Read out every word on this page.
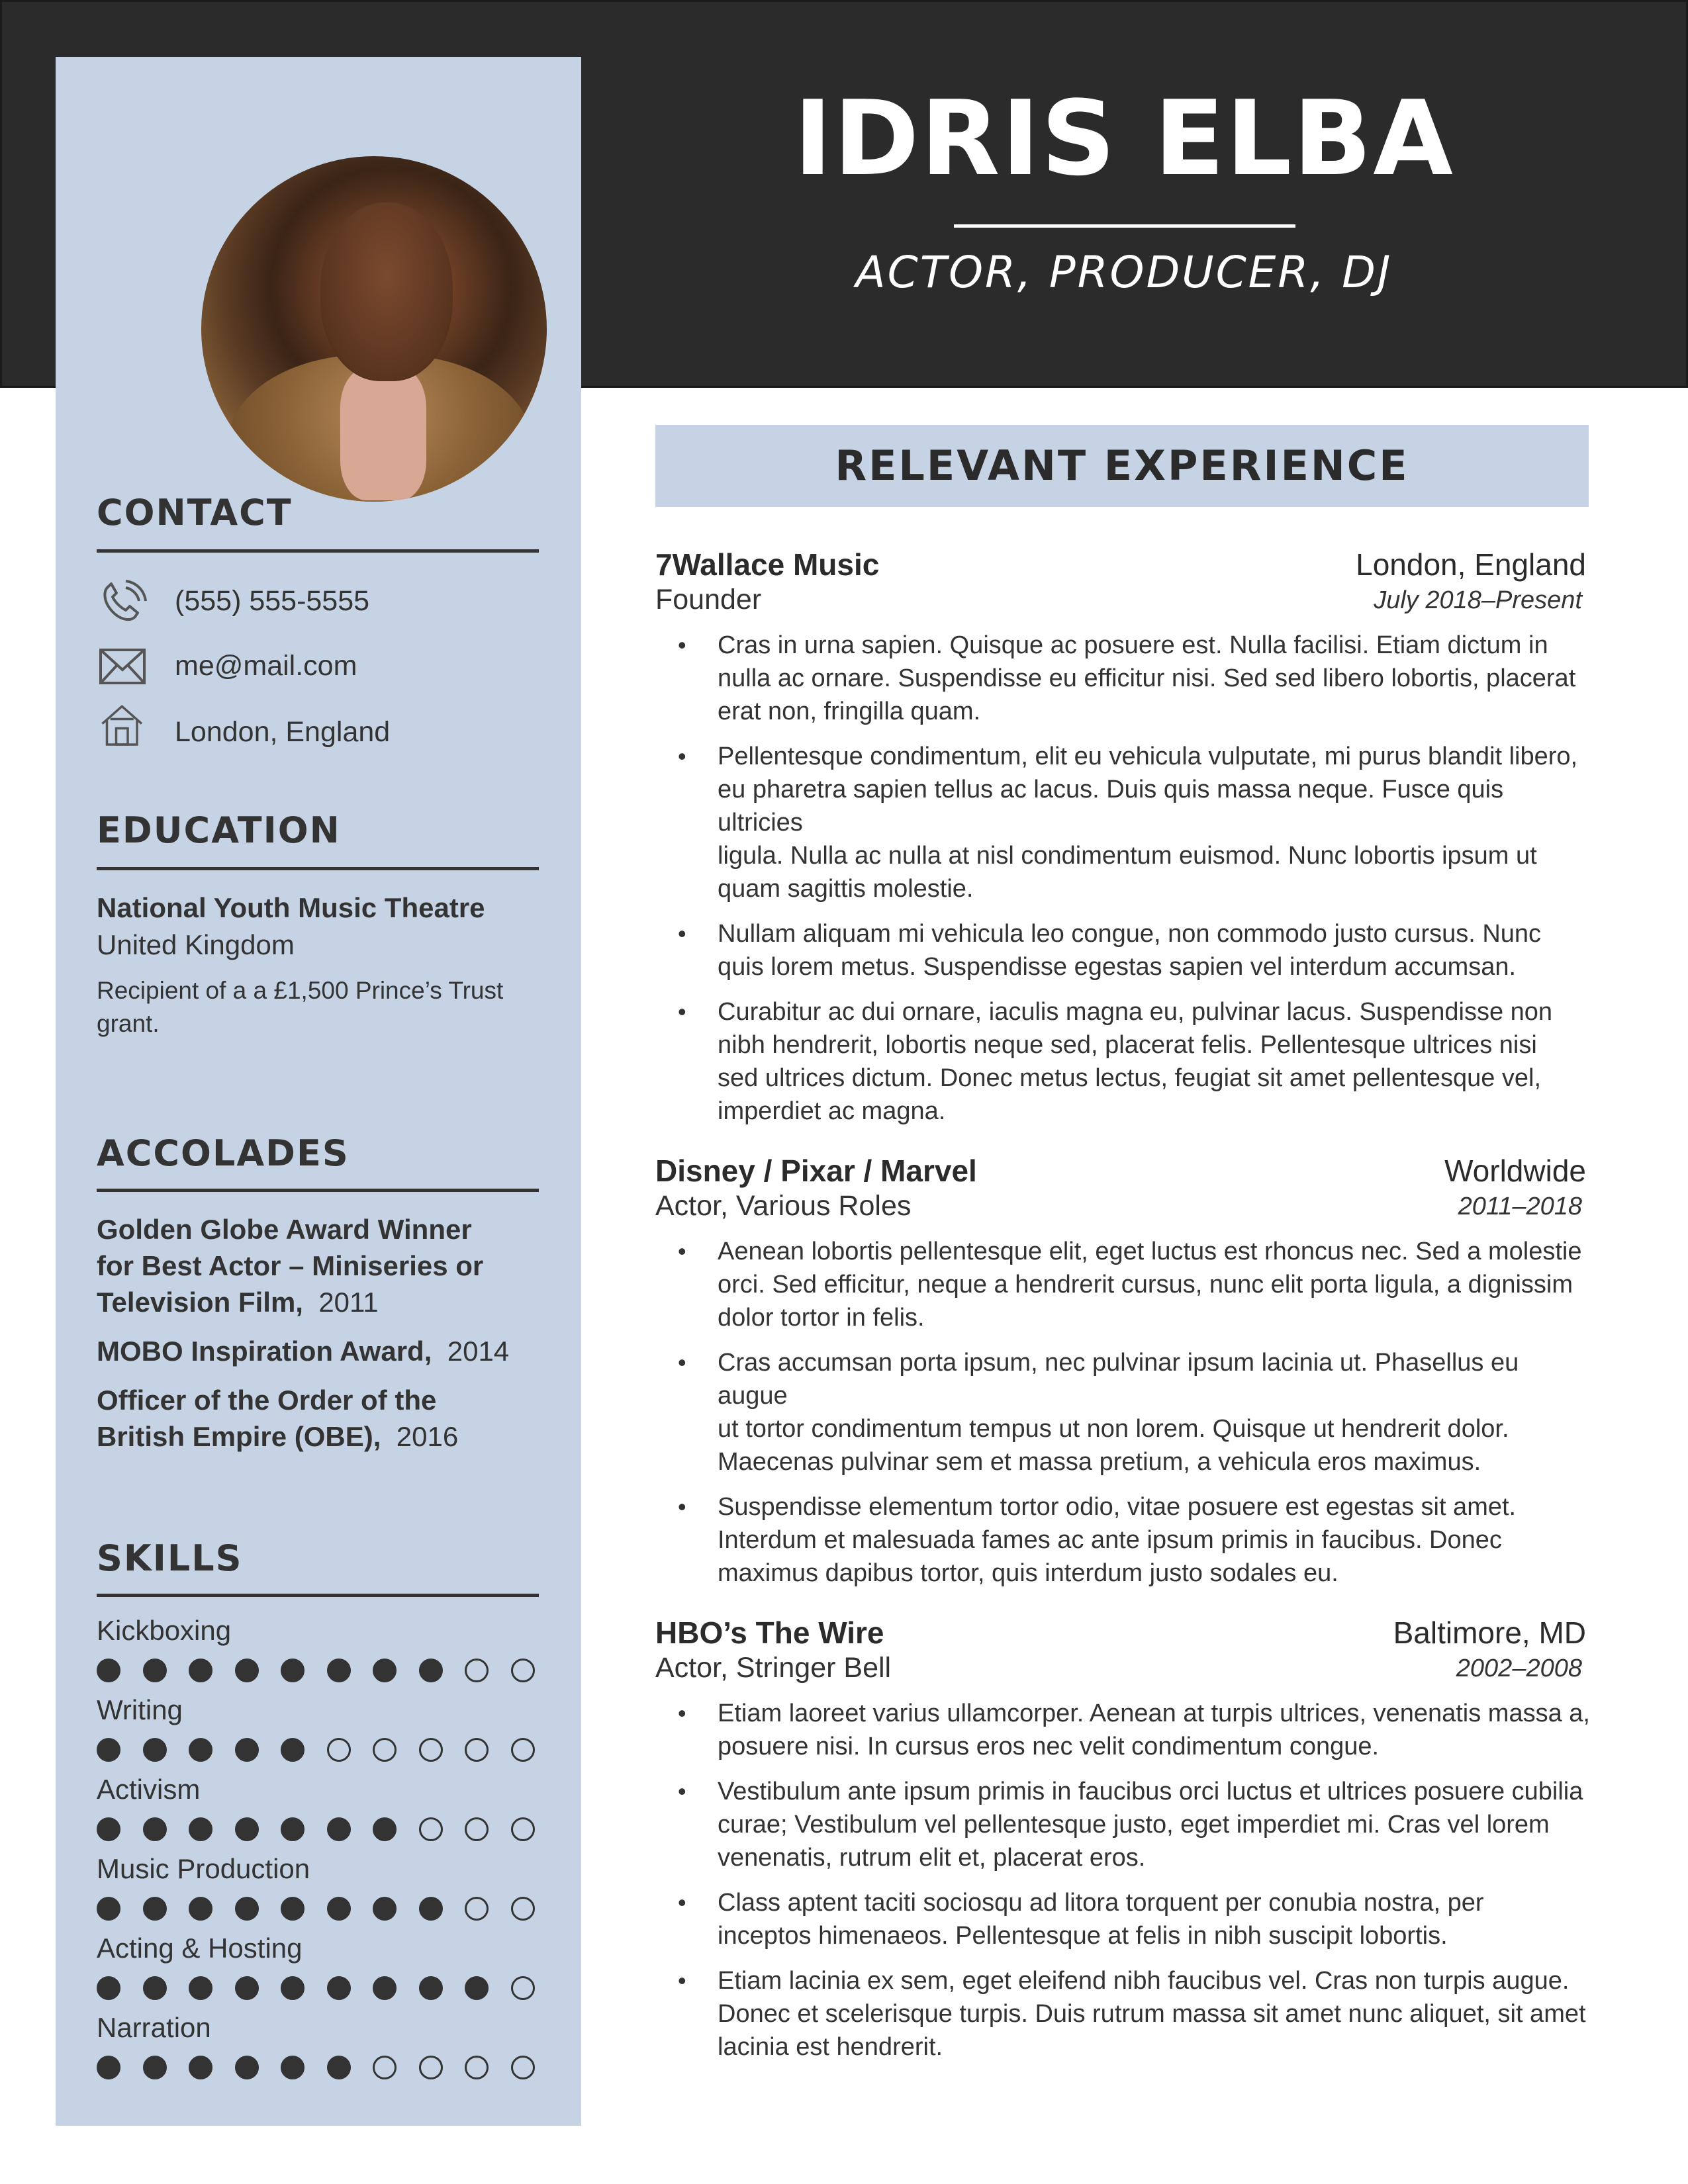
IDRIS ELBA
ACTOR, PRODUCER, DJ
CONTACT
(555) 555-5555
me@mail.com
London, England
EDUCATION
National Youth Music Theatre
United Kingdom
Recipient of a a £1,500 Prince’s Trust
grant.
ACCOLADES
Golden Globe Award Winner
for Best Actor – Miniseries or
Television Film, 2011
MOBO Inspiration Award, 2014
Officer of the Order of the
British Empire (OBE), 2016
SKILLS
Kickboxing
Writing
Activism
Music Production
Acting & Hosting
Narration
RELEVANT EXPERIENCE
7Wallace Music	London, England
Founder	July 2018–Present
• Cras in urna sapien. Quisque ac posuere est. Nulla facilisi. Etiam dictum in
nulla ac ornare. Suspendisse eu efficitur nisi. Sed sed libero lobortis, placerat
erat non, fringilla quam.
• Pellentesque condimentum, elit eu vehicula vulputate, mi purus blandit libero,
eu pharetra sapien tellus ac lacus. Duis quis massa neque. Fusce quis ultricies
ligula. Nulla ac nulla at nisl condimentum euismod. Nunc lobortis ipsum ut
quam sagittis molestie.
• Nullam aliquam mi vehicula leo congue, non commodo justo cursus. Nunc
quis lorem metus. Suspendisse egestas sapien vel interdum accumsan.
• Curabitur ac dui ornare, iaculis magna eu, pulvinar lacus. Suspendisse non
nibh hendrerit, lobortis neque sed, placerat felis. Pellentesque ultrices nisi
sed ultrices dictum. Donec metus lectus, feugiat sit amet pellentesque vel,
imperdiet ac magna.
Disney / Pixar / Marvel	Worldwide
Actor, Various Roles	2011–2018
• Aenean lobortis pellentesque elit, eget luctus est rhoncus nec. Sed a molestie
orci. Sed efficitur, neque a hendrerit cursus, nunc elit porta ligula, a dignissim
dolor tortor in felis.
• Cras accumsan porta ipsum, nec pulvinar ipsum lacinia ut. Phasellus eu augue
ut tortor condimentum tempus ut non lorem. Quisque ut hendrerit dolor.
Maecenas pulvinar sem et massa pretium, a vehicula eros maximus.
• Suspendisse elementum tortor odio, vitae posuere est egestas sit amet.
Interdum et malesuada fames ac ante ipsum primis in faucibus. Donec
maximus dapibus tortor, quis interdum justo sodales eu.
HBO’s The Wire	Baltimore, MD
Actor, Stringer Bell	2002–2008
• Etiam laoreet varius ullamcorper. Aenean at turpis ultrices, venenatis massa a,
posuere nisi. In cursus eros nec velit condimentum congue.
• Vestibulum ante ipsum primis in faucibus orci luctus et ultrices posuere cubilia
curae; Vestibulum vel pellentesque justo, eget imperdiet mi. Cras vel lorem
venenatis, rutrum elit et, placerat eros.
• Class aptent taciti sociosqu ad litora torquent per conubia nostra, per
inceptos himenaeos. Pellentesque at felis in nibh suscipit lobortis.
• Etiam lacinia ex sem, eget eleifend nibh faucibus vel. Cras non turpis augue.
Donec et scelerisque turpis. Duis rutrum massa sit amet nunc aliquet, sit amet
lacinia est hendrerit.
